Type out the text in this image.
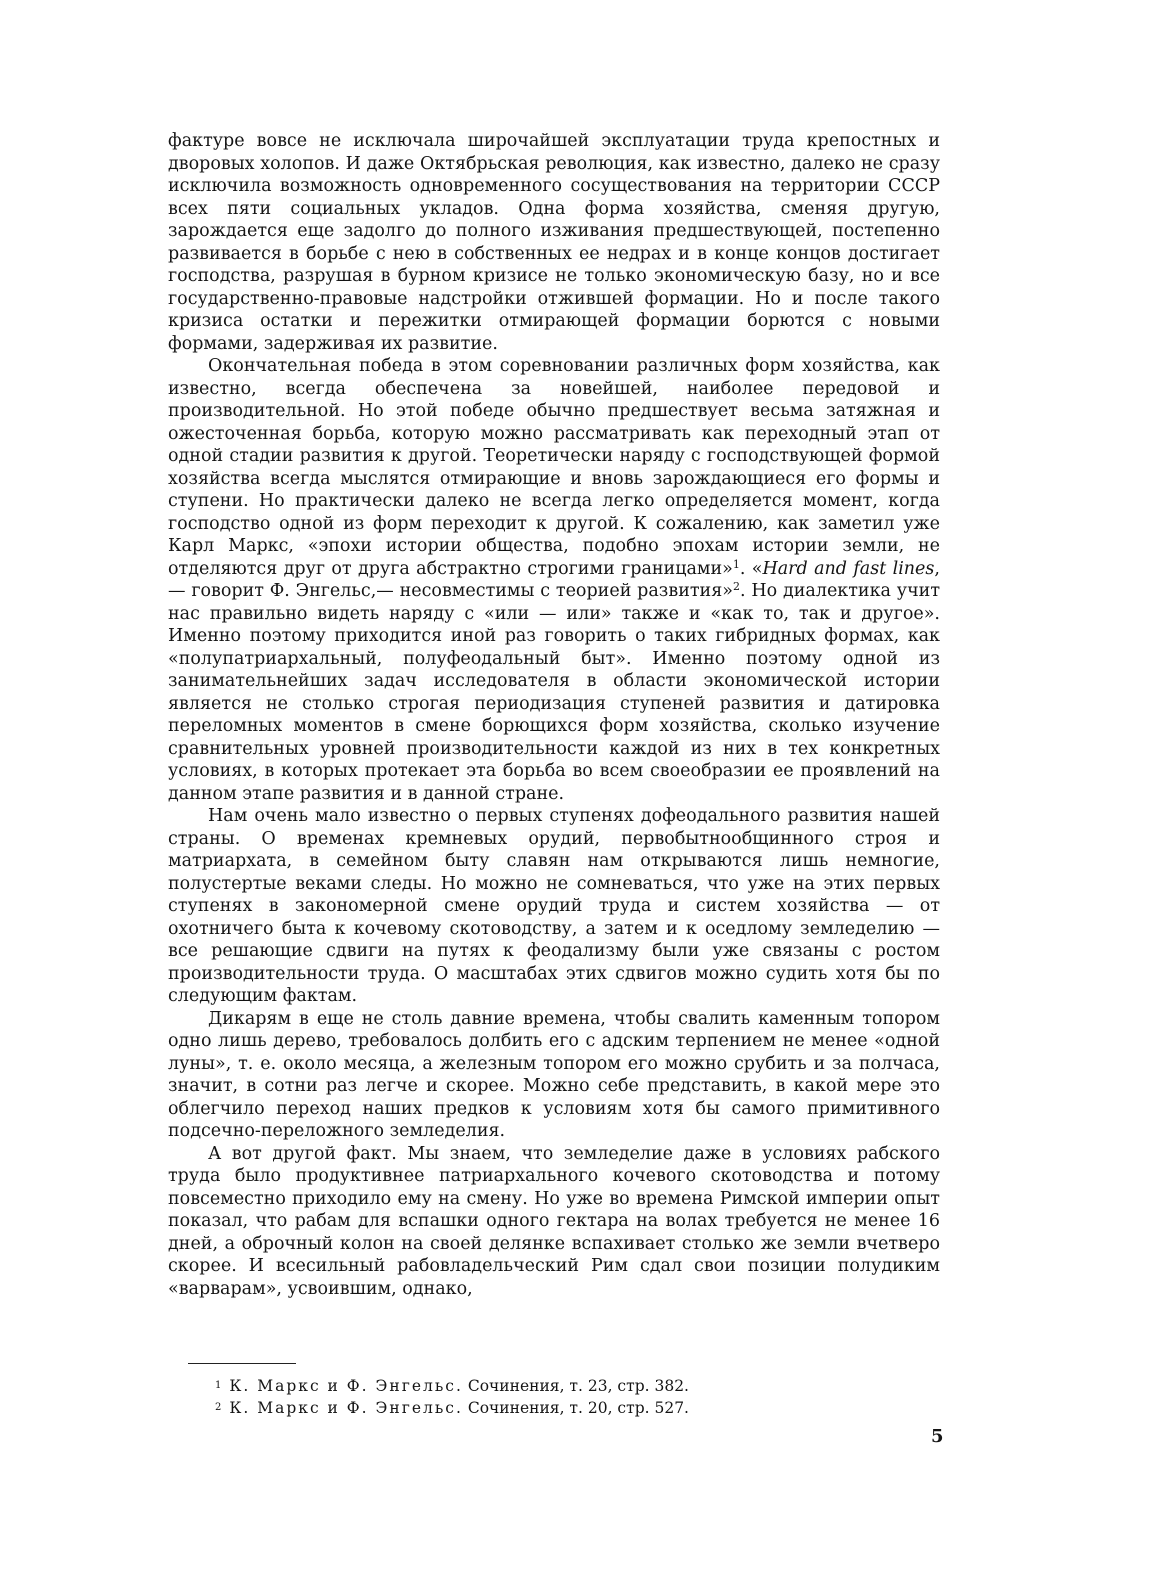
фактуре вовсе не исключала широчайшей эксплуатации труда крепостных и дворовых холопов. И даже Октябрьская революция, как известно, далеко не сразу исключила возможность одновременного сосуществования на территории СССР всех пяти социальных укладов. Одна форма хозяйства, сменяя другую, зарождается еще задолго до полного изживания предшествующей, постепенно развивается в борьбе с нею в собственных ее недрах и в конце концов достигает господства, разрушая в бурном кризисе не только экономическую базу, но и все государственно-правовые надстройки отжившей формации. Но и после такого кризиса остатки и пережитки отмирающей формации борются с новыми формами, задерживая их развитие.

Окончательная победа в этом соревновании различных форм хозяйства, как известно, всегда обеспечена за новейшей, наиболее передовой и производительной. Но этой победе обычно предшествует весьма затяжная и ожесточенная борьба, которую можно рассматривать как переходный этап от одной стадии развития к другой. Теоретически наряду с господствующей формой хозяйства всегда мыслятся отмирающие и вновь зарождающиеся его формы и ступени. Но практически далеко не всегда легко определяется момент, когда господство одной из форм переходит к другой. К сожалению, как заметил уже Карл Маркс, «эпохи истории общества, подобно эпохам истории земли, не отделяются друг от друга абстрактно строгими границами»$^1$. «Hard and fast lines,— говорит Ф. Энгельс,— несовместимы с теорией развития»$^2$. Но диалектика учит нас правильно видеть наряду с «или — или» также и «как то, так и другое». Именно поэтому приходится иной раз говорить о таких гибридных формах, как «полупатриархальный, полуфеодальный быт». Именно поэтому одной из занимательнейших задач исследователя в области экономической истории является не столько строгая периодизация ступеней развития и датировка переломных моментов в смене борющихся форм хозяйства, сколько изучение сравнительных уровней производительности каждой из них в тех конкретных условиях, в которых протекает эта борьба во всем своеобразии ее проявлений на данном этапе развития и в данной стране.

Нам очень мало известно о первых ступенях дофеодального развития нашей страны. О временах кремневых орудий, первобытнообщинного строя и матриархата, в семейном быту славян нам открываются лишь немногие, полустертые веками следы. Но можно не сомневаться, что уже на этих первых ступенях в закономерной смене орудий труда и систем хозяйства — от охотничего быта к кочевому скотоводству, а затем и к оседлому земледелию — все решающие сдвиги на путях к феодализму были уже связаны с ростом производительности труда. О масштабах этих сдвигов можно судить хотя бы по следующим фактам.

Дикарям в еще не столь давние времена, чтобы свалить каменным топором одно лишь дерево, требовалось долбить его с адским терпением не менее «одной луны», т. е. около месяца, а железным топором его можно срубить и за полчаса, значит, в сотни раз легче и скорее. Можно себе представить, в какой мере это облегчило переход наших предков к условиям хотя бы самого примитивного подсечно-переложного земледелия.

А вот другой факт. Мы знаем, что земледелие даже в условиях рабского труда было продуктивнее патриархального кочевого скотоводства и потому повсеместно приходило ему на смену. Но уже во времена Римской империи опыт показал, что рабам для вспашки одного гектара на волах требуется не менее 16 дней, а оброчный колон на своей делянке вспахивает столько же земли вчетверо скорее. И всесильный рабовладельческий Рим сдал свои позиции полудиким «варварам», усвоившим, однако,

1 К. Маркс и Ф. Энгельс. Сочинения, т. 23, стр. 382.

2 К. Маркс и Ф. Энгельс. Сочинения, т. 20, стр. 527.

5
